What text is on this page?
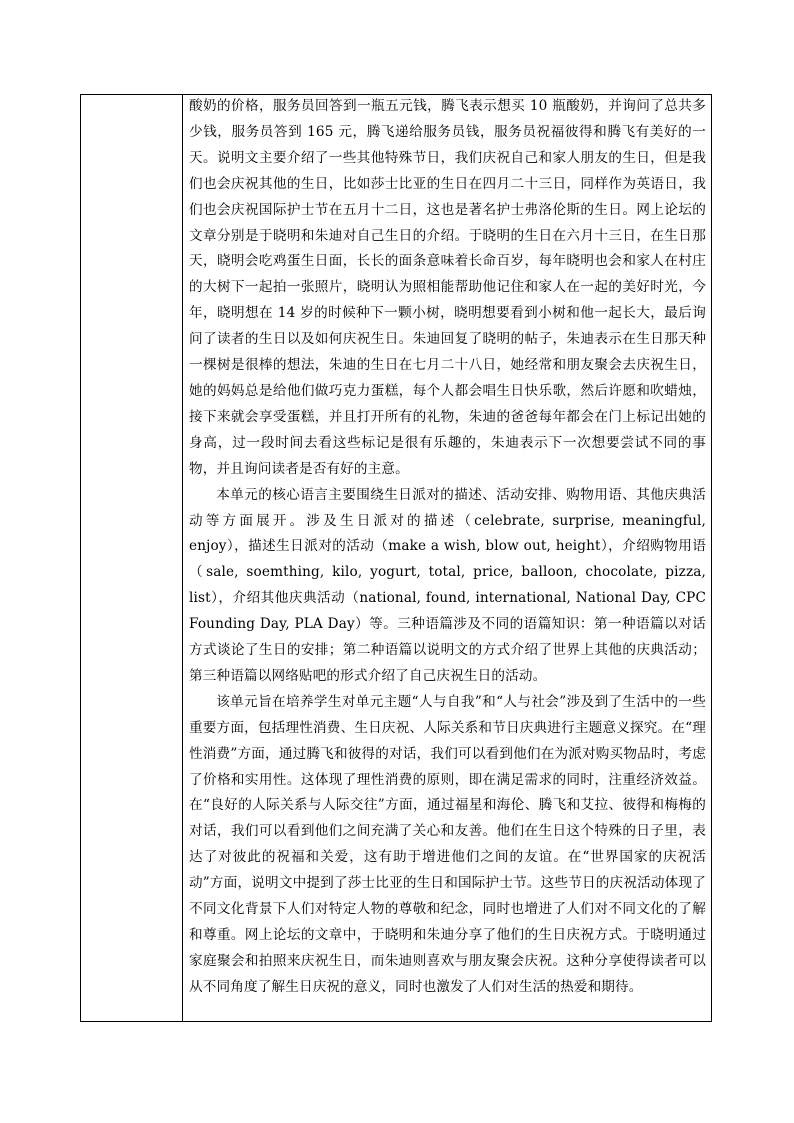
酸奶的价格，服务员回答到一瓶五元钱，腾飞表示想买 10 瓶酸奶，并询问了总共多少钱，服务员答到 165 元，腾飞递给服务员钱，服务员祝福彼得和腾飞有美好的一天。说明文主要介绍了一些其他特殊节日，我们庆祝自己和家人朋友的生日，但是我们也会庆祝其他的生日，比如莎士比亚的生日在四月二十三日，同样作为英语日，我们也会庆祝国际护士节在五月十二日，这也是著名护士弗洛伦斯的生日。网上论坛的文章分别是于晓明和朱迪对自己生日的介绍。于晓明的生日在六月十三日，在生日那天，晓明会吃鸡蛋生日面，长长的面条意味着长命百岁，每年晓明也会和家人在村庄的大树下一起拍一张照片，晓明认为照相能帮助他记住和家人在一起的美好时光，今年，晓明想在 14 岁的时候种下一颗小树，晓明想要看到小树和他一起长大，最后询问了读者的生日以及如何庆祝生日。朱迪回复了晓明的帖子，朱迪表示在生日那天种一棵树是很棒的想法，朱迪的生日在七月二十八日，她经常和朋友聚会去庆祝生日，她的妈妈总是给他们做巧克力蛋糕，每个人都会唱生日快乐歌，然后许愿和吹蜡烛，接下来就会享受蛋糕，并且打开所有的礼物，朱迪的爸爸每年都会在门上标记出她的身高，过一段时间去看这些标记是很有乐趣的，朱迪表示下一次想要尝试不同的事物，并且询问读者是否有好的主意。

本单元的核心语言主要围绕生日派对的描述、活动安排、购物用语、其他庆典活动等方面展开。涉及生日派对的描述（celebrate, surprise, meaningful, enjoy），描述生日派对的活动（make a wish, blow out, height），介绍购物用语（sale, soemthing, kilo, yogurt, total, price, balloon, chocolate, pizza, list），介绍其他庆典活动（national, found, international, National Day, CPC Founding Day, PLA Day）等。三种语篇涉及不同的语篇知识：第一种语篇以对话方式谈论了生日的安排；第二种语篇以说明文的方式介绍了世界上其他的庆典活动；第三种语篇以网络贴吧的形式介绍了自己庆祝生日的活动。

该单元旨在培养学生对单元主题“人与自我”和“人与社会”涉及到了生活中的一些重要方面，包括理性消费、生日庆祝、人际关系和节日庆典进行主题意义探究。在“理性消费”方面，通过腾飞和彼得的对话，我们可以看到他们在为派对购买物品时，考虑了价格和实用性。这体现了理性消费的原则，即在满足需求的同时，注重经济效益。在“良好的人际关系与人际交往”方面，通过福星和海伦、腾飞和艾拉、彼得和梅梅的对话，我们可以看到他们之间充满了关心和友善。他们在生日这个特殊的日子里，表达了对彼此的祝福和关爱，这有助于增进他们之间的友谊。在“世界国家的庆祝活动”方面，说明文中提到了莎士比亚的生日和国际护士节。这些节日的庆祝活动体现了不同文化背景下人们对特定人物的尊敬和纪念，同时也增进了人们对不同文化的了解和尊重。网上论坛的文章中，于晓明和朱迪分享了他们的生日庆祝方式。于晓明通过家庭聚会和拍照来庆祝生日，而朱迪则喜欢与朋友聚会庆祝。这种分享使得读者可以从不同角度了解生日庆祝的意义，同时也激发了人们对生活的热爱和期待。
